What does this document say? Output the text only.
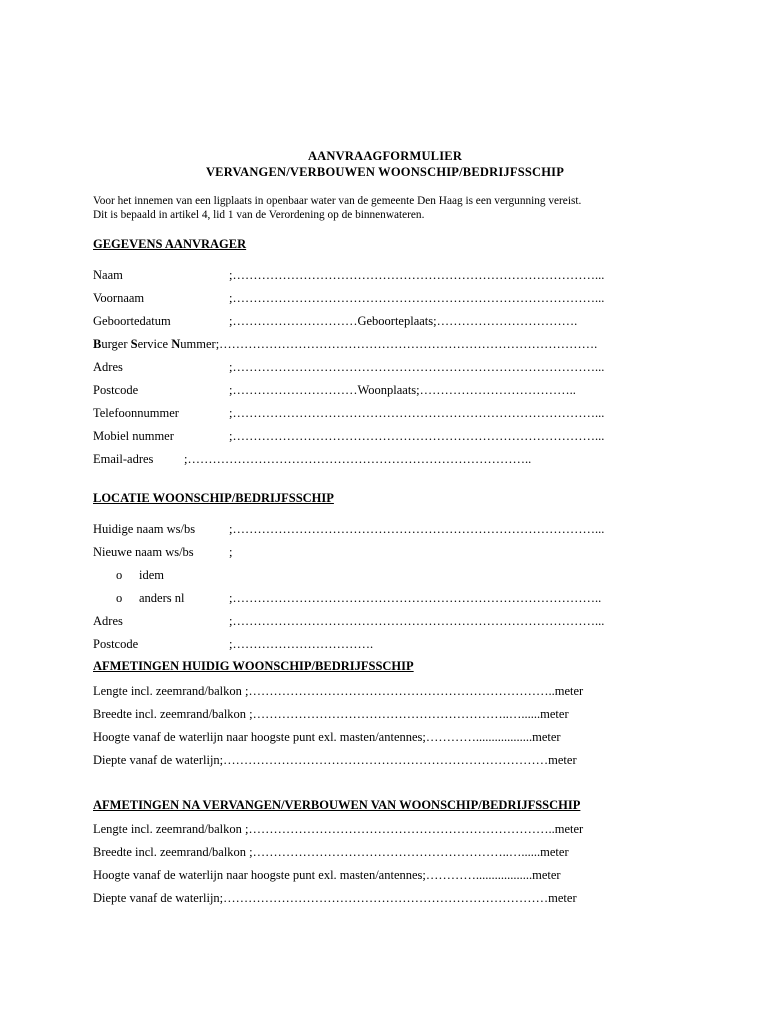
AANVRAAGFORMULIER
VERVANGEN/VERBOUWEN WOONSCHIP/BEDRIJFSSCHIP
Voor het innemen van een ligplaats in openbaar water van de gemeente Den Haag is een vergunning vereist.
Dit is bepaald in artikel 4, lid 1 van de Verordening op de binnenwateren.
GEGEVENS AANVRAGER
Naam	;……………………………………………………………………………...
Voornaam	;……………………………………………………………………………...
Geboortedatum	;…………………………Geboorteplaats;…………………………….
Burger Service Nummer;……………………………………………………………………………….
Adres	;……………………………………………………………………………...
Postcode	;…………………………Woonplaats;………………………………..
Telefoonnummer	;……………………………………………………………………………...
Mobiel nummer	;……………………………………………………………………………...
Email-adres ;………………………………………………………………………..
LOCATIE WOONSCHIP/BEDRIJFSSCHIP
Huidige naam ws/bs	;……………………………………………………………………………...
Nieuwe naam ws/bs	;
o idem
o anders nl	;……………………………………………………………………………..
Adres	;……………………………………………………………………………...
Postcode	;…………………………….
AFMETINGEN HUIDIG WOONSCHIP/BEDRIJFSSCHIP
Lengte incl. zeemrand/balkon ;………………………………………………………………..meter
Breedte incl. zeemrand/balkon ;……………………………………………………..…......meter
Hoogte vanaf de waterlijn naar hoogste punt exl. masten/antennes;…………..................meter
Diepte vanaf de waterlijn;……………………………………………………………………meter
AFMETINGEN NA VERVANGEN/VERBOUWEN VAN WOONSCHIP/BEDRIJFSSCHIP
Lengte incl. zeemrand/balkon ;………………………………………………………………..meter
Breedte incl. zeemrand/balkon ;……………………………………………………..…......meter
Hoogte vanaf de waterlijn naar hoogste punt exl. masten/antennes;…………..................meter
Diepte vanaf de waterlijn;……………………………………………………………………meter
